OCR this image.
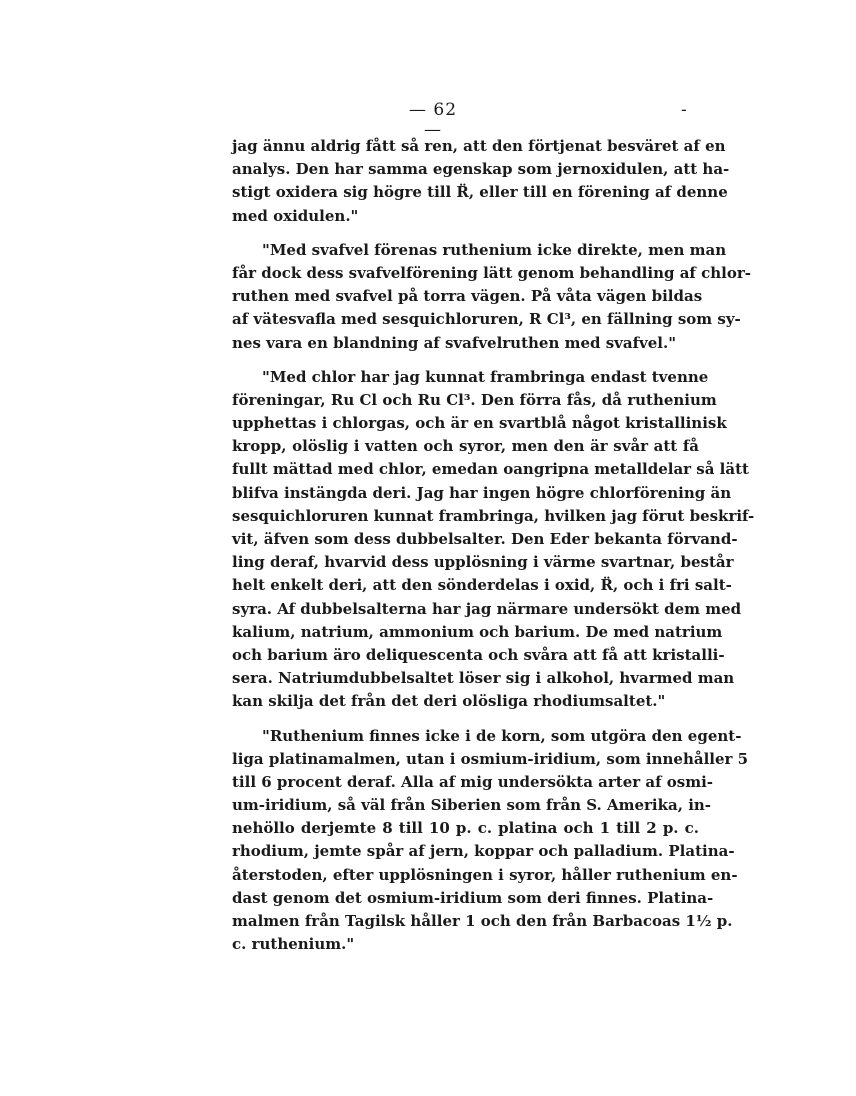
— 62 —
-
jag ännu aldrig fått så ren, att den förtjenat besväret af en
analys. Den har samma egenskap som jernoxidulen, att ha-
stigt oxidera sig högre till R̈, eller till en förening af denne
med oxidulen."
"Med svafvel förenas ruthenium icke direkte, men man
får dock dess svafvelförening lätt genom behandling af chlor-
ruthen med svafvel på torra vägen. På våta vägen bildas
af vätesvafla med sesquichloruren, R Cl³, en fällning som sy-
nes vara en blandning af svafvelruthen med svafvel."
"Med chlor har jag kunnat frambringa endast tvenne
föreningar, Ru Cl och Ru Cl³. Den förra fås, då ruthenium
upphettas i chlorgas, och är en svartblå något kristallinisk
kropp, olöslig i vatten och syror, men den är svår att få
fullt mättad med chlor, emedan oangripna metalldelar så lätt
blifva instängda deri. Jag har ingen högre chlorförening än
sesquichloruren kunnat frambringa, hvilken jag förut beskrif-
vit, äfven som dess dubbelsalter. Den Eder bekanta förvand-
ling deraf, hvarvid dess upplösning i värme svartnar, består
helt enkelt deri, att den sönderdelas i oxid, R̈, och i fri salt-
syra. Af dubbelsalterna har jag närmare undersökt dem med
kalium, natrium, ammonium och barium. De med natrium
och barium äro deliquescenta och svåra att få att kristalli-
sera. Natriumdubbelsaltet löser sig i alkohol, hvarmed man
kan skilja det från det deri olösliga rhodiumsaltet."
"Ruthenium finnes icke i de korn, som utgöra den egent-
liga platinamalmen, utan i osmium-iridium, som innehåller 5
till 6 procent deraf. Alla af mig undersökta arter af osmi-
um-iridium, så väl från Siberien som från S. Amerika, in-
nehöllo derjemte 8 till 10 p. c. platina och 1 till 2 p. c.
rhodium, jemte spår af jern, koppar och palladium. Platina-
återstoden, efter upplösningen i syror, håller ruthenium en-
dast genom det osmium-iridium som deri finnes. Platina-
malmen från Tagilsk håller 1 och den från Barbacoas 1½ p.
c. ruthenium."
